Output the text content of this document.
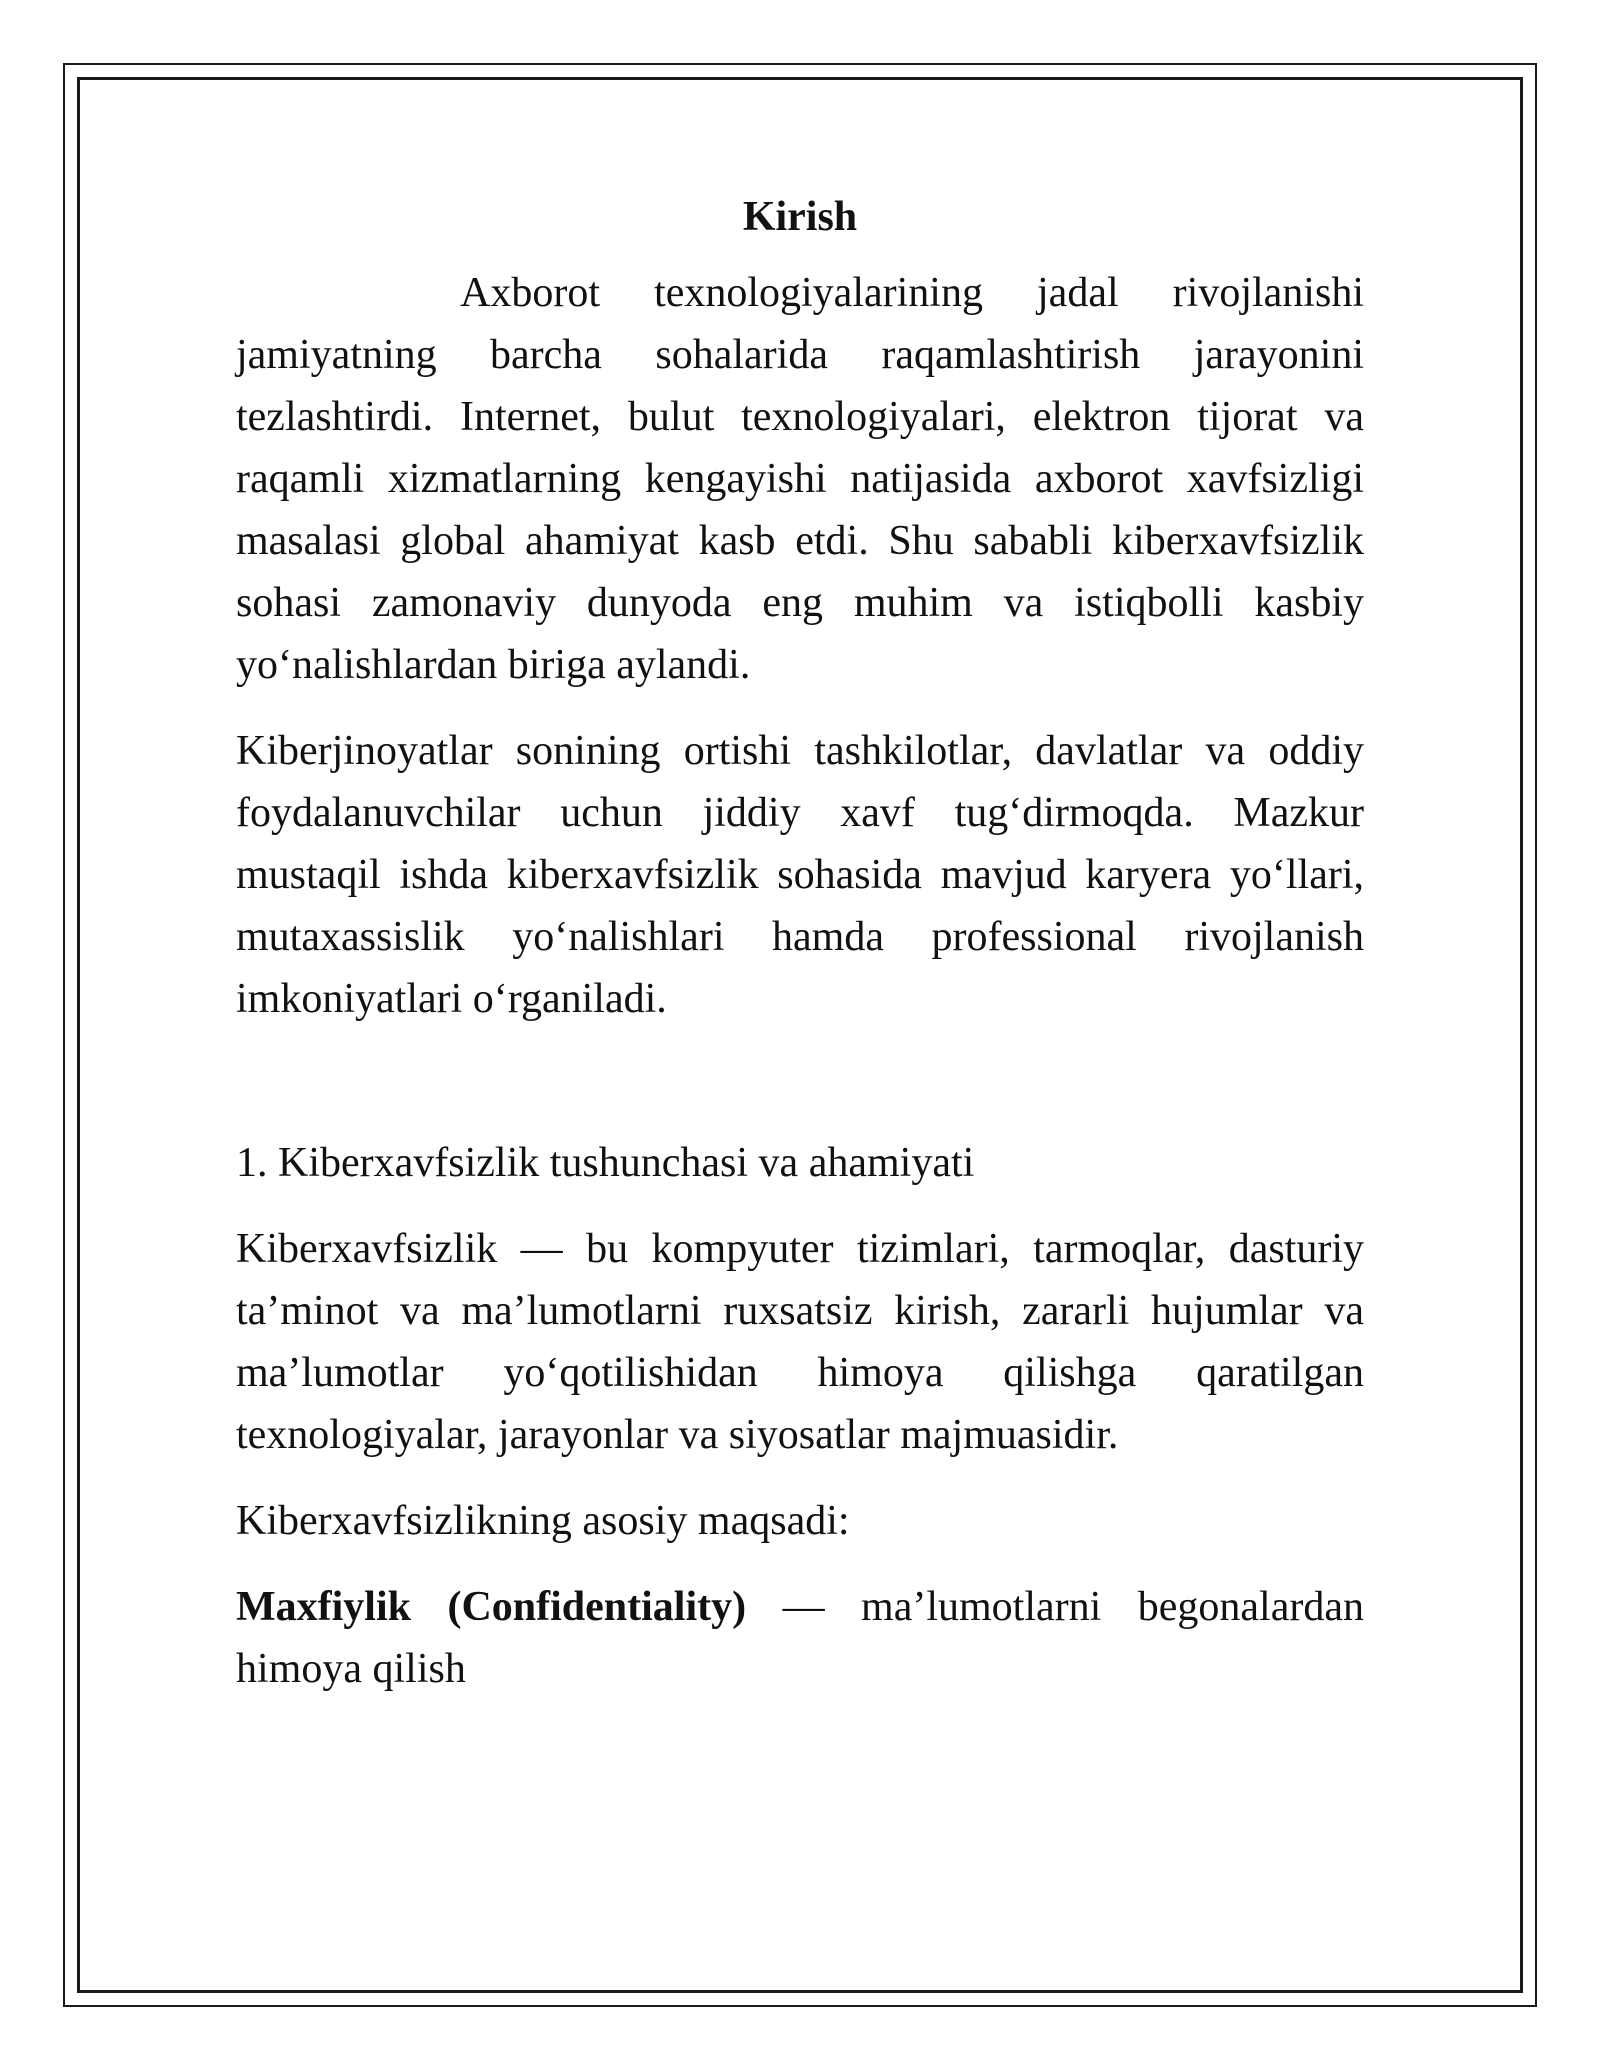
Kirish

Axborot texnologiyalarining jadal rivojlanishi jamiyatning barcha sohalarida raqamlashtirish jarayonini tezlashtirdi. Internet, bulut texnologiyalari, elektron tijorat va raqamli xizmatlarning kengayishi natijasida axborot xavfsizligi masalasi global ahamiyat kasb etdi. Shu sababli kiberxavfsizlik sohasi zamonaviy dunyoda eng muhim va istiqbolli kasbiy yo‘nalishlardan biriga aylandi.

Kiberjinoyatlar sonining ortishi tashkilotlar, davlatlar va oddiy foydalanuvchilar uchun jiddiy xavf tug‘dirmoqda. Mazkur mustaqil ishda kiberxavfsizlik sohasida mavjud karyera yo‘llari, mutaxassislik yo‘nalishlari hamda professional rivojlanish imkoniyatlari o‘rganiladi.

1. Kiberxavfsizlik tushunchasi va ahamiyati

Kiberxavfsizlik — bu kompyuter tizimlari, tarmoqlar, dasturiy ta’minot va ma’lumotlarni ruxsatsiz kirish, zararli hujumlar va ma’lumotlar yo‘qotilishidan himoya qilishga qaratilgan texnologiyalar, jarayonlar va siyosatlar majmuasidir.

Kiberxavfsizlikning asosiy maqsadi:

Maxfiylik (Confidentiality) — ma’lumotlarni begonalardan himoya qilish
